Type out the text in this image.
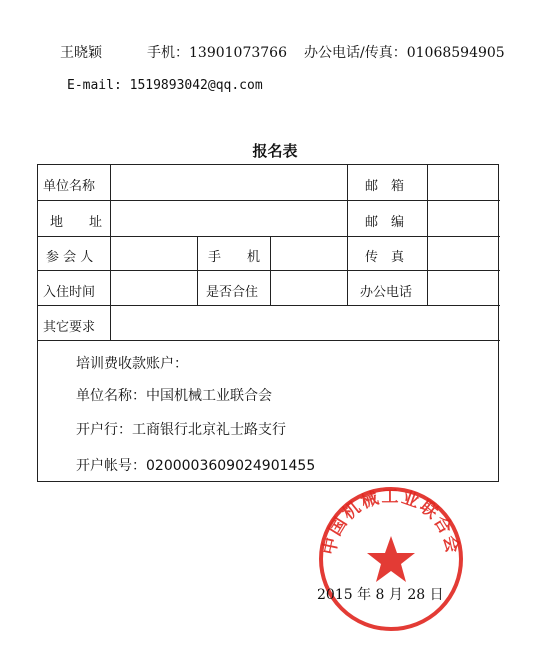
王晓颖	手机：13901073766 办公电话/传真：01068594905
E-mail: 1519893042@qq.com
报名表
单位名称	邮　箱
地　　址	邮　编
参 会 人	手　　机	传　真
入住时间	是否合住	办公电话
其它要求
培训费收款账户：
单位名称：中国机械工业联合会
开户行：工商银行北京礼士路支行
开户帐号：0200003609024901455
中国机械工业联合会
2015 年 8 月 28 日
